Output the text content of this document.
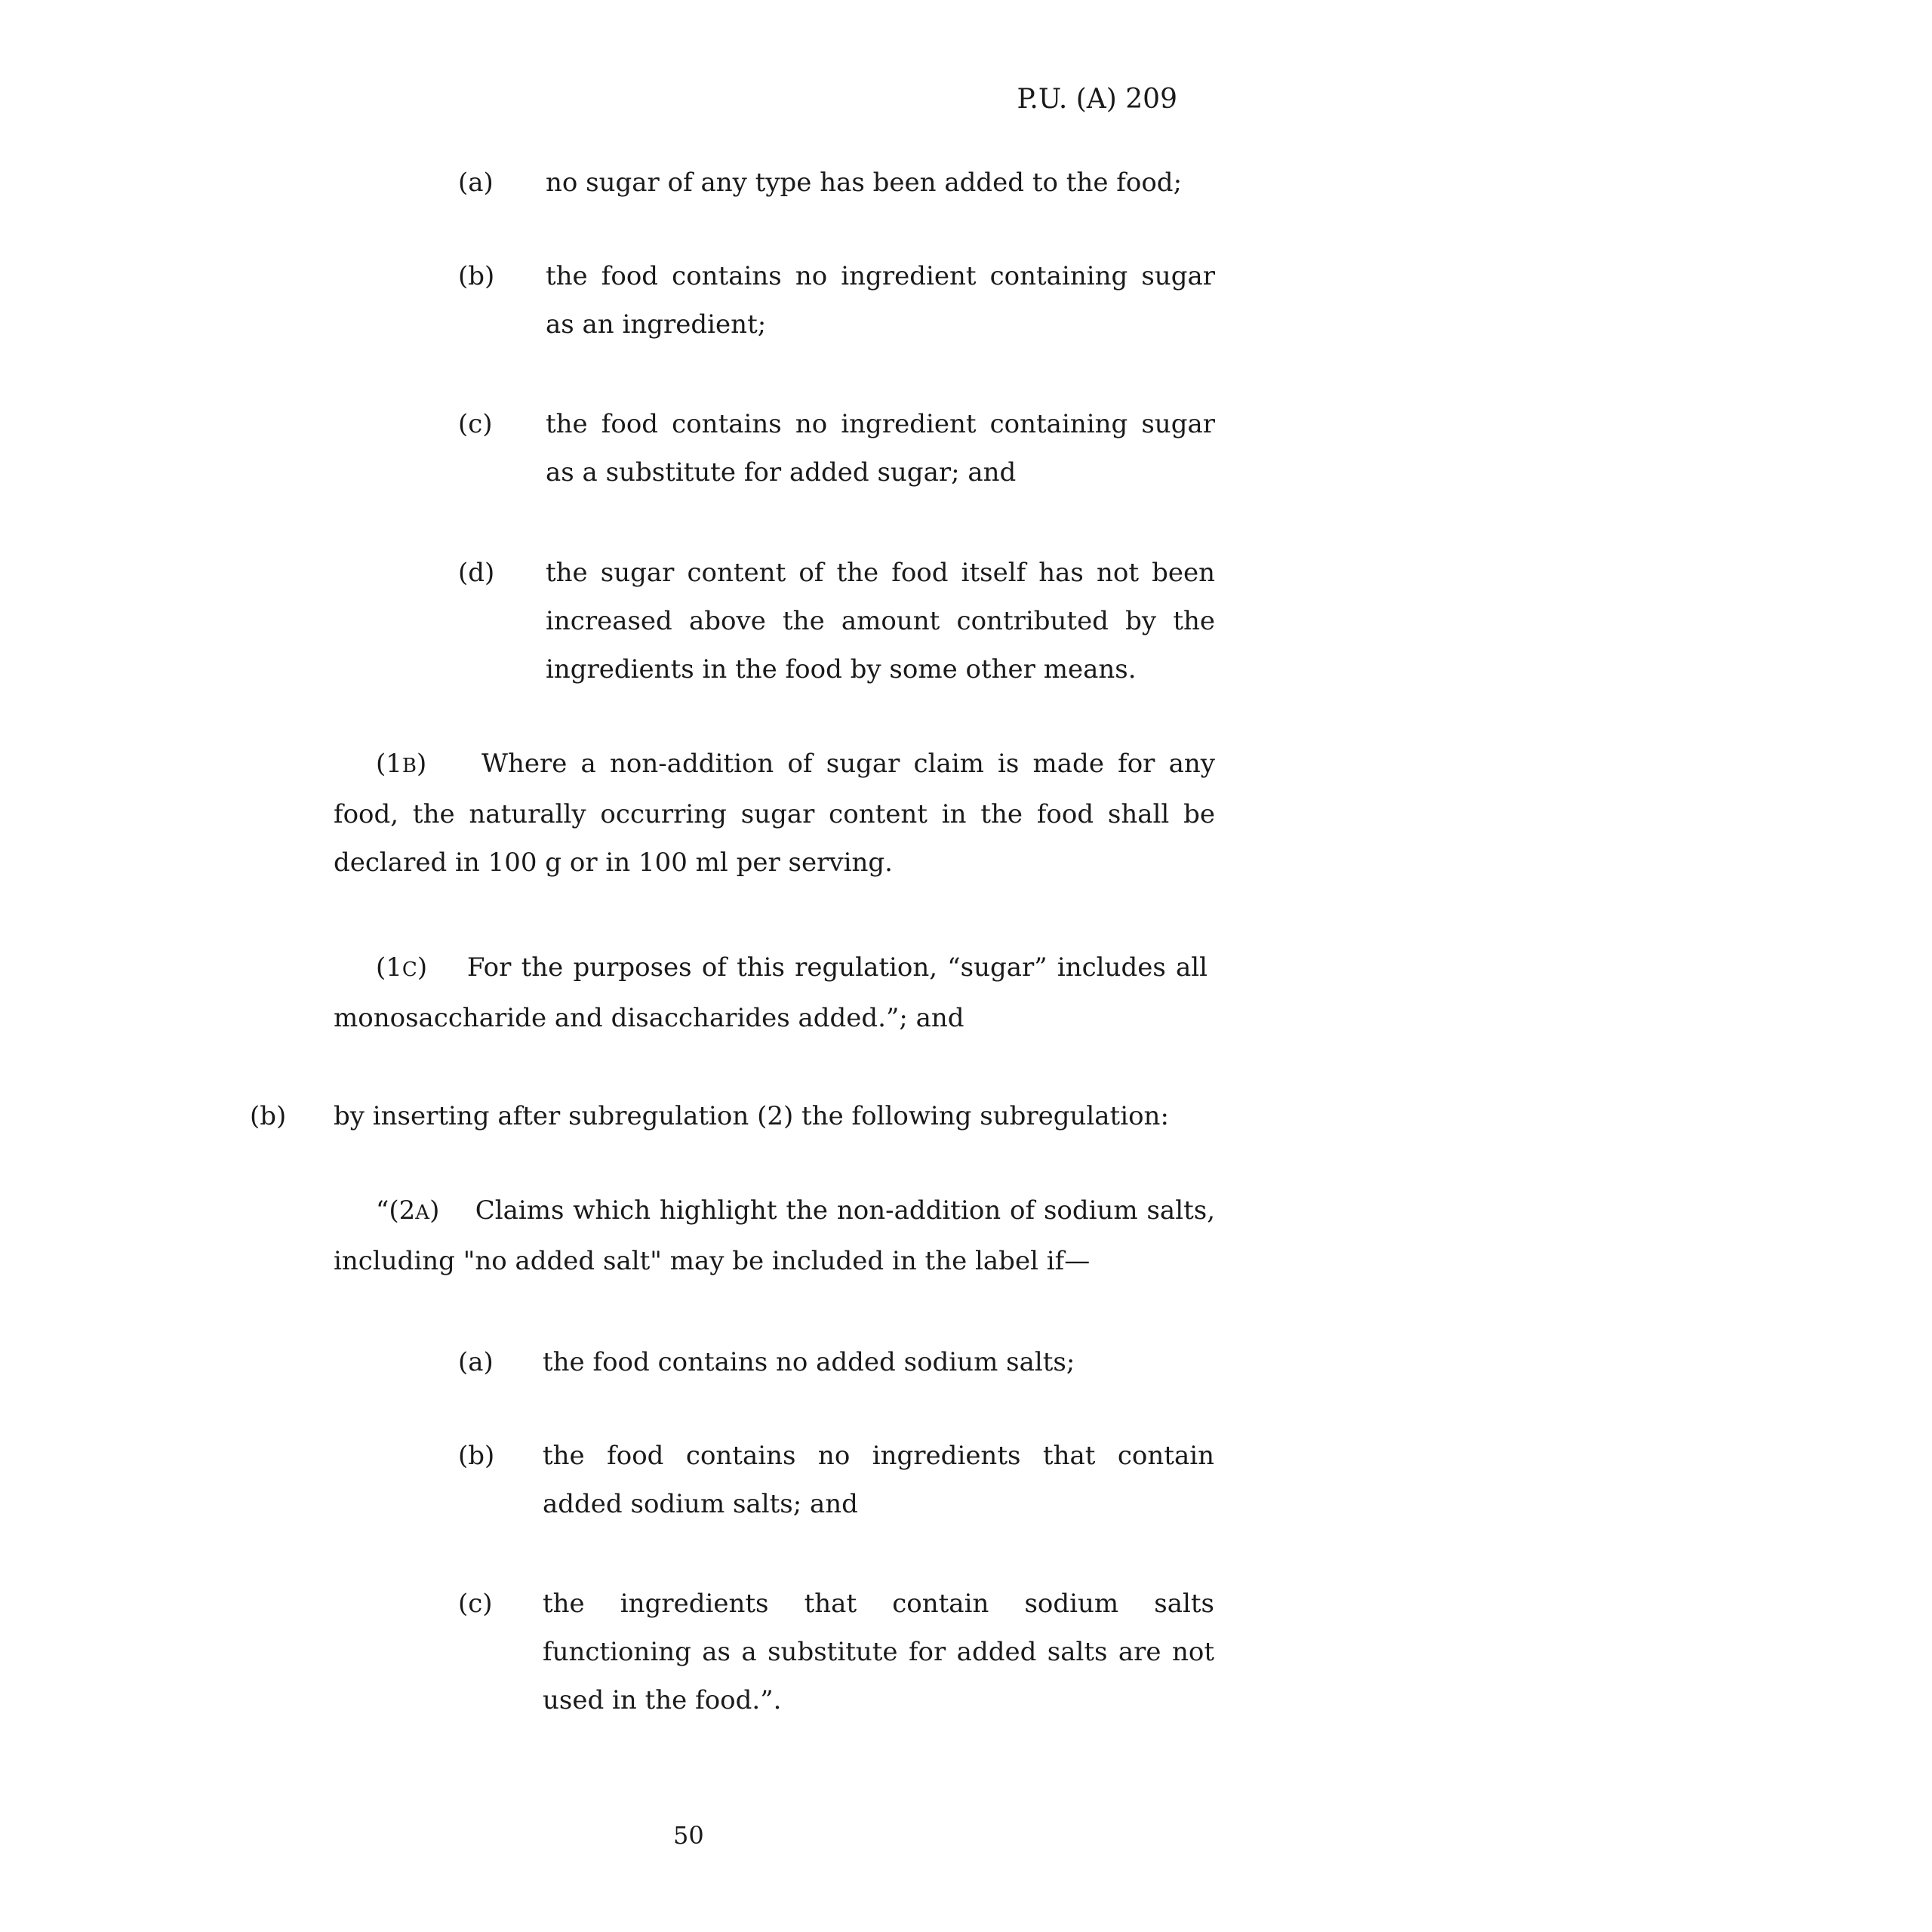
P.U. (A) 209
(a) no sugar of any type has been added to the food;
(b) the food contains no ingredient containing sugar as an ingredient;
(c) the food contains no ingredient containing sugar as a substitute for added sugar; and
(d) the sugar content of the food itself has not been increased above the amount contributed by the ingredients in the food by some other means.
(1B) Where a non-addition of sugar claim is made for any food, the naturally occurring sugar content in the food shall be declared in 100 g or in 100 ml per serving.
(1C) For the purposes of this regulation, “sugar” includes all monosaccharide and disaccharides added.”; and
(b) by inserting after subregulation (2) the following subregulation:
“(2A) Claims which highlight the non-addition of sodium salts, including "no added salt" may be included in the label if—
(a) the food contains no added sodium salts;
(b) the food contains no ingredients that contain added sodium salts; and
(c) the ingredients that contain sodium salts functioning as a substitute for added salts are not used in the food.”.
50
